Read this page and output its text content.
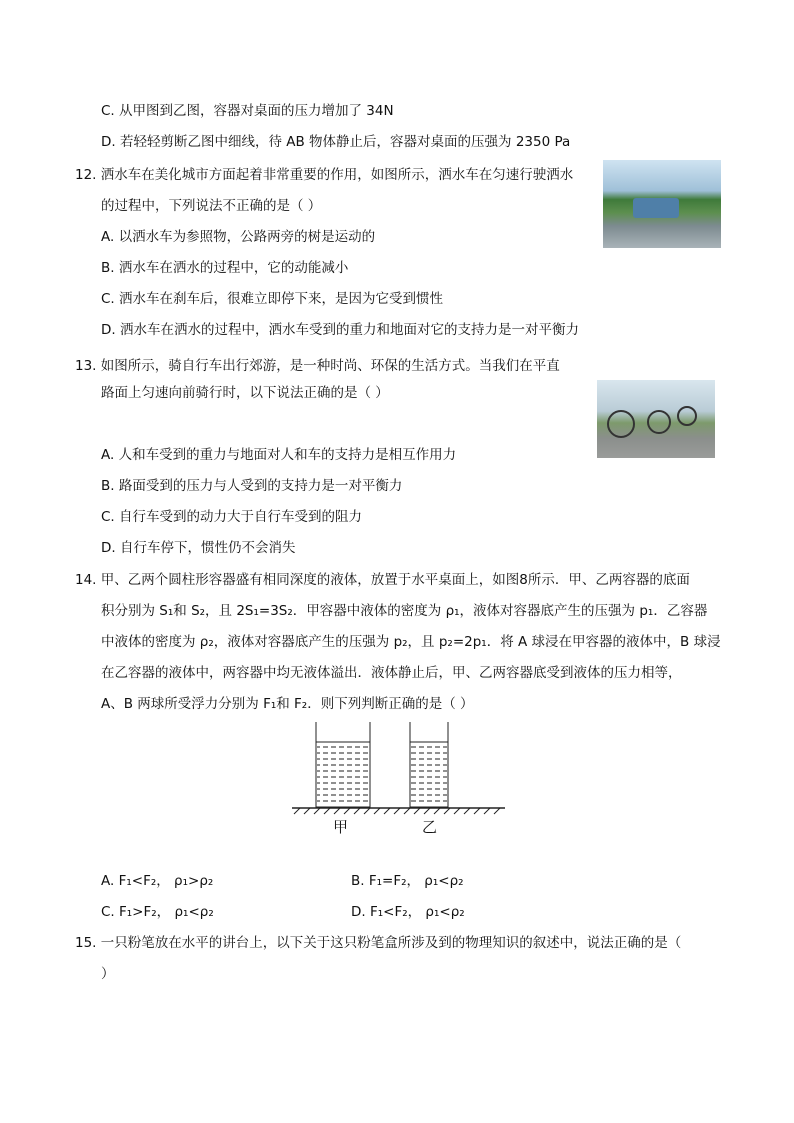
C. 从甲图到乙图，容器对桌面的压力增加了 34N
D. 若轻轻剪断乙图中细线，待 AB 物体静止后，容器对桌面的压强为 2350 Pa
12. 洒水车在美化城市方面起着非常重要的作用，如图所示，洒水车在匀速行驶洒水
的过程中，下列说法不正确的是（ ）
A. 以洒水车为参照物，公路两旁的树是运动的
B. 洒水车在洒水的过程中，它的动能减小
C. 洒水车在刹车后，很难立即停下来，是因为它受到惯性
D. 洒水车在洒水的过程中，洒水车受到的重力和地面对它的支持力是一对平衡力
13. 如图所示，骑自行车出行郊游，是一种时尚、环保的生活方式。当我们在平直
路面上匀速向前骑行时，以下说法正确的是（ ）
A. 人和车受到的重力与地面对人和车的支持力是相互作用力
B. 路面受到的压力与人受到的支持力是一对平衡力
C. 自行车受到的动力大于自行车受到的阻力
D. 自行车停下，惯性仍不会消失
14. 甲、乙两个圆柱形容器盛有相同深度的液体，放置于水平桌面上，如图8所示．甲、乙两容器的底面
积分别为 S₁和 S₂，且 2S₁=3S₂．甲容器中液体的密度为 ρ₁，液体对容器底产生的压强为 p₁．乙容器
中液体的密度为 ρ₂，液体对容器底产生的压强为 p₂，且 p₂=2p₁．将 A 球浸在甲容器的液体中，B 球浸
在乙容器的液体中，两容器中均无液体溢出．液体静止后，甲、乙两容器底受到液体的压力相等，
A、B 两球所受浮力分别为 F₁和 F₂．则下列判断正确的是（ ）
甲	乙
A. F₁<F₂， ρ₁>ρ₂	B. F₁=F₂， ρ₁<ρ₂
C. F₁>F₂， ρ₁<ρ₂	D. F₁<F₂， ρ₁<ρ₂
15. 一只粉笔放在水平的讲台上，以下关于这只粉笔盒所涉及到的物理知识的叙述中，说法正确的是（
）
